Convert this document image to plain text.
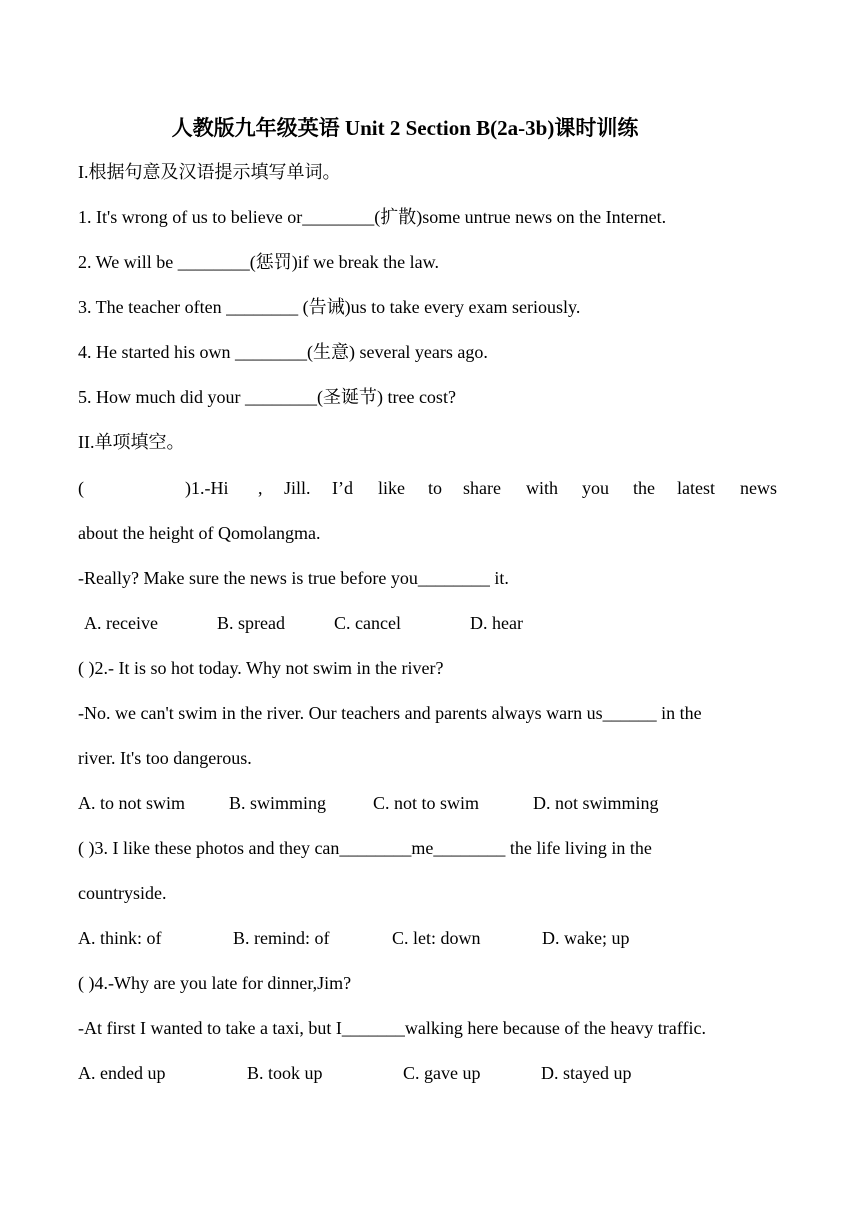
人教版九年级英语 Unit 2 Section B(2a-3b)课时训练
I.根据句意及汉语提示填写单词。
1. It's wrong of us to believe or________(扩散)some untrue news on the Internet.
2. We will be ________(惩罚)if we break the law.
3. The teacher often ________ (告诫)us to take every exam seriously.
4. He started his own ________(生意) several years ago.
5. How much did your ________(圣诞节) tree cost?
II.单项填空。
(	)1.-Hi , Jill. I’d like to share with you the latest news
about the height of Qomolangma.
-Really? Make sure the news is true before you________ it.
A. receive	B. spread	C. cancel	D. hear
( )2.- It is so hot today. Why not swim in the river?
-No. we can't swim in the river. Our teachers and parents always warn us______ in the
river. It's too dangerous.
A. to not swim B. swimming	C. not to swim	D. not swimming
( )3. I like these photos and they can________me________ the life living in the
countryside.
A. think: of	B. remind: of	C. let: down	D. wake; up
( )4.-Why are you late for dinner,Jim?
-At first I wanted to take a taxi, but I_______walking here because of the heavy traffic.
A. ended up	B. took up	C. gave up	D. stayed up
